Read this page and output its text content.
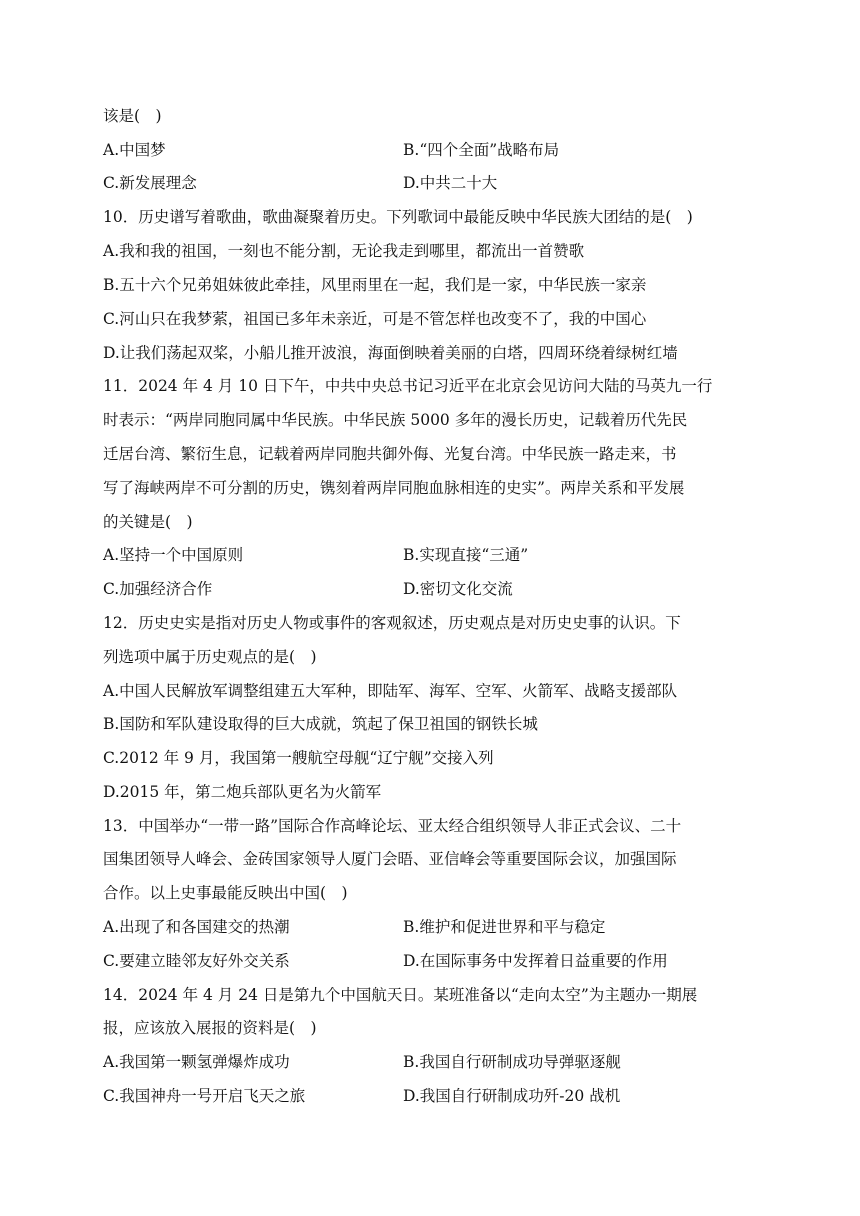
该是(　)
A.中国梦	B.“四个全面”战略布局
C.新发展理念	D.中共二十大
10．历史谱写着歌曲，歌曲凝聚着历史。下列歌词中最能反映中华民族大团结的是(　)
A.我和我的祖国，一刻也不能分割，无论我走到哪里，都流出一首赞歌
B.五十六个兄弟姐妹彼此牵挂，风里雨里在一起，我们是一家，中华民族一家亲
C.河山只在我梦萦，祖国已多年未亲近，可是不管怎样也改变不了，我的中国心
D.让我们荡起双桨，小船儿推开波浪，海面倒映着美丽的白塔，四周环绕着绿树红墙
11．2024 年 4 月 10 日下午，中共中央总书记习近平在北京会见访问大陆的马英九一行
时表示：“两岸同胞同属中华民族。中华民族 5000 多年的漫长历史，记载着历代先民
迁居台湾、繁衍生息，记载着两岸同胞共御外侮、光复台湾。中华民族一路走来，书
写了海峡两岸不可分割的历史，镌刻着两岸同胞血脉相连的史实”。两岸关系和平发展
的关键是(　)
A.坚持一个中国原则	B.实现直接“三通”
C.加强经济合作	D.密切文化交流
12．历史史实是指对历史人物或事件的客观叙述，历史观点是对历史史事的认识。下
列选项中属于历史观点的是(　)
A.中国人民解放军调整组建五大军种，即陆军、海军、空军、火箭军、战略支援部队
B.国防和军队建设取得的巨大成就，筑起了保卫祖国的钢铁长城
C.2012 年 9 月，我国第一艘航空母舰“辽宁舰”交接入列
D.2015 年，第二炮兵部队更名为火箭军
13．中国举办“一带一路”国际合作高峰论坛、亚太经合组织领导人非正式会议、二十
国集团领导人峰会、金砖国家领导人厦门会晤、亚信峰会等重要国际会议，加强国际
合作。以上史事最能反映出中国(　)
A.出现了和各国建交的热潮	B.维护和促进世界和平与稳定
C.要建立睦邻友好外交关系	D.在国际事务中发挥着日益重要的作用
14．2024 年 4 月 24 日是第九个中国航天日。某班准备以“走向太空”为主题办一期展
报，应该放入展报的资料是(　)
A.我国第一颗氢弹爆炸成功	B.我国自行研制成功导弹驱逐舰
C.我国神舟一号开启飞天之旅	D.我国自行研制成功歼-20 战机
